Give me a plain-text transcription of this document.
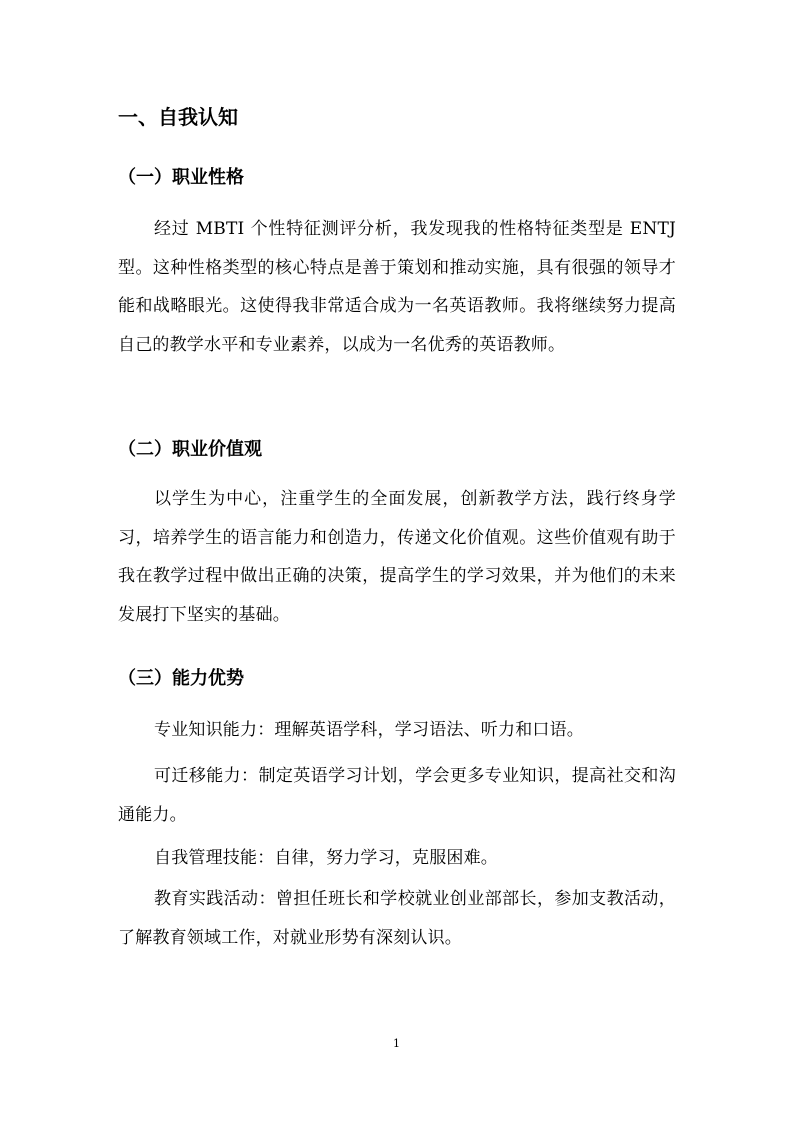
一、自我认知
（一）职业性格

经过 MBTI 个性特征测评分析，我发现我的性格特征类型是 ENTJ 型。这种性格类型的核心特点是善于策划和推动实施，具有很强的领导才能和战略眼光。这使得我非常适合成为一名英语教师。我将继续努力提高自己的教学水平和专业素养，以成为一名优秀的英语教师。

（二）职业价值观

以学生为中心，注重学生的全面发展，创新教学方法，践行终身学习，培养学生的语言能力和创造力，传递文化价值观。这些价值观有助于我在教学过程中做出正确的决策，提高学生的学习效果，并为他们的未来发展打下坚实的基础。

（三）能力优势

专业知识能力：理解英语学科，学习语法、听力和口语。

可迁移能力：制定英语学习计划，学会更多专业知识，提高社交和沟通能力。

自我管理技能：自律，努力学习，克服困难。

教育实践活动：曾担任班长和学校就业创业部部长，参加支教活动，了解教育领域工作，对就业形势有深刻认识。

1
